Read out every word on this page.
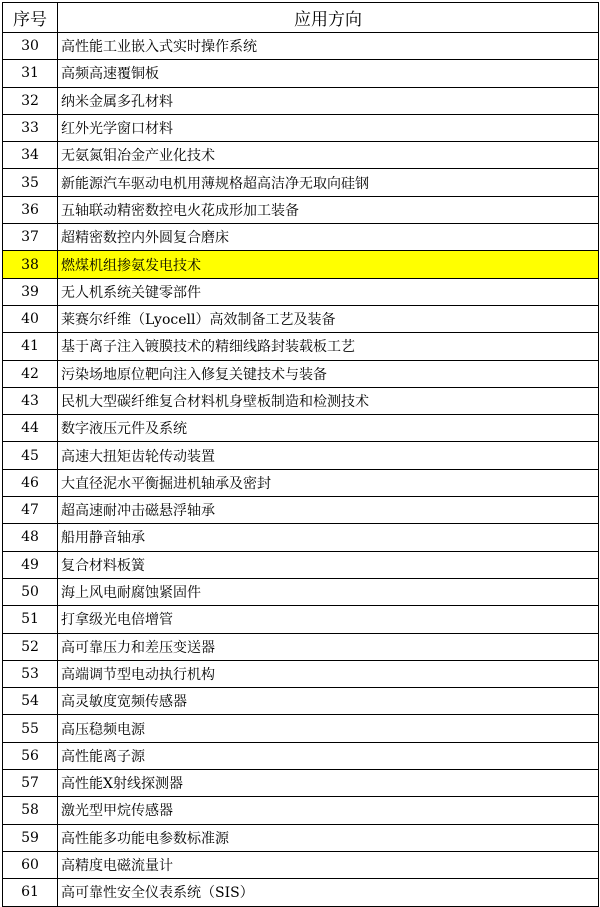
序号	应用方向
30	高性能工业嵌入式实时操作系统
31	高频高速覆铜板
32	纳米金属多孔材料
33	红外光学窗口材料
34	无氨氮钼冶金产业化技术
35	新能源汽车驱动电机用薄规格超高洁净无取向硅钢
36	五轴联动精密数控电火花成形加工装备
37	超精密数控内外圆复合磨床
38	燃煤机组掺氨发电技术
39	无人机系统关键零部件
40	莱赛尔纤维（Lyocell）高效制备工艺及装备
41	基于离子注入镀膜技术的精细线路封装载板工艺
42	污染场地原位靶向注入修复关键技术与装备
43	民机大型碳纤维复合材料机身壁板制造和检测技术
44	数字液压元件及系统
45	高速大扭矩齿轮传动装置
46	大直径泥水平衡掘进机轴承及密封
47	超高速耐冲击磁悬浮轴承
48	船用静音轴承
49	复合材料板簧
50	海上风电耐腐蚀紧固件
51	打拿级光电倍增管
52	高可靠压力和差压变送器
53	高端调节型电动执行机构
54	高灵敏度宽频传感器
55	高压稳频电源
56	高性能离子源
57	高性能X射线探测器
58	激光型甲烷传感器
59	高性能多功能电参数标准源
60	高精度电磁流量计
61	高可靠性安全仪表系统（SIS）
